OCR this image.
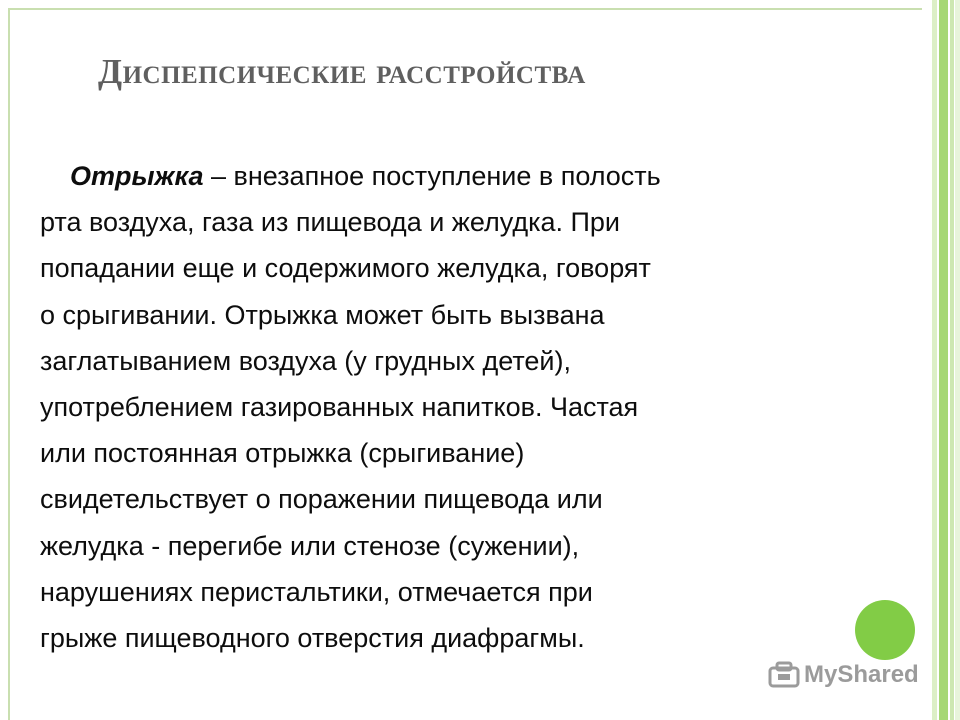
Диспепсические расстройства
Отрыжка – внезапное поступление в полость
рта воздуха, газа из пищевода и желудка. При
попадании еще и содержимого желудка, говорят
о срыгивании. Отрыжка может быть вызвана
заглатыванием воздуха (у грудных детей),
употреблением газированных напитков. Частая
или постоянная отрыжка (срыгивание)
свидетельствует о поражении пищевода или
желудка - перегибе или стенозе (сужении),
нарушениях перистальтики, отмечается при
грыже пищеводного отверстия диафрагмы.
MyShared
